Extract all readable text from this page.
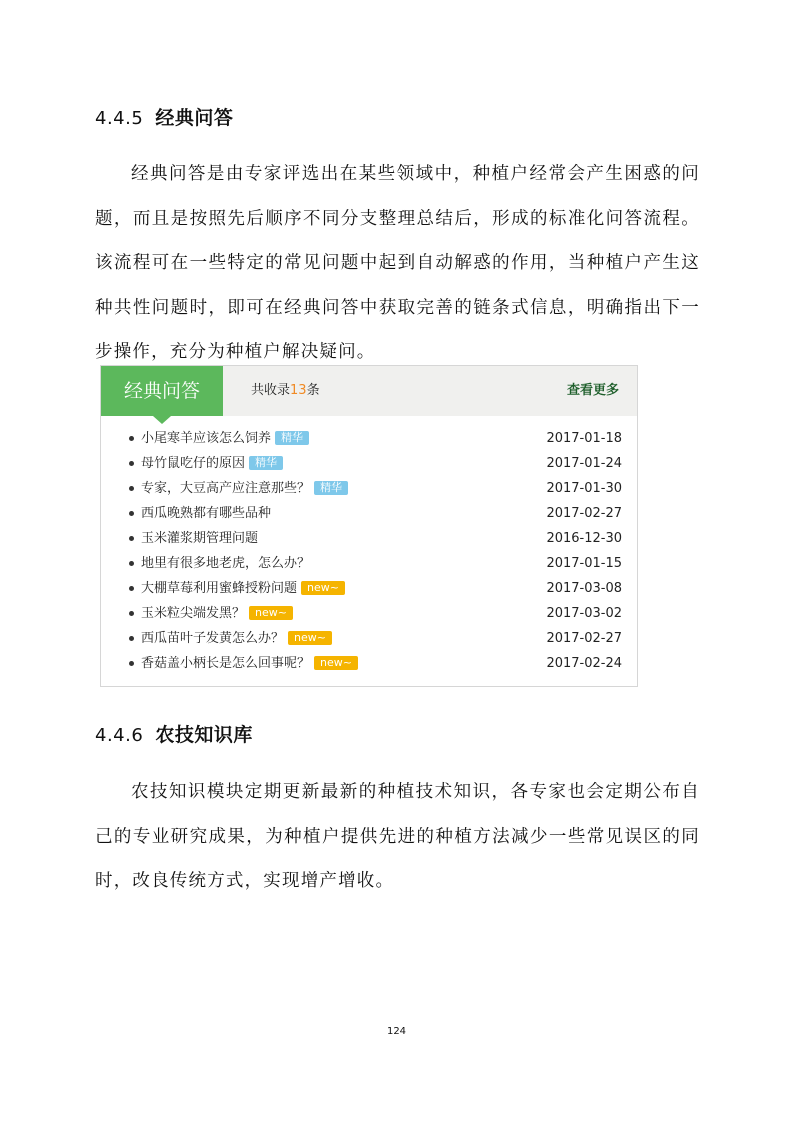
4.4.5 经典问答
经典问答是由专家评选出在某些领域中，种植户经常会产生困惑的问题，而且是按照先后顺序不同分支整理总结后，形成的标准化问答流程。该流程可在一些特定的常见问题中起到自动解惑的作用，当种植户产生这种共性问题时，即可在经典问答中获取完善的链条式信息，明确指出下一步操作，充分为种植户解决疑问。
经典问答	共收录13条	查看更多
小尾寒羊应该怎么饲养 精华	2017-01-18
母竹鼠吃仔的原因 精华	2017-01-24
专家，大豆高产应注意那些？ 精华	2017-01-30
西瓜晚熟都有哪些品种	2017-02-27
玉米灌浆期管理问题	2016-12-30
地里有很多地老虎，怎么办？	2017-01-15
大棚草莓利用蜜蜂授粉问题 new~	2017-03-08
玉米粒尖端发黑？ new~	2017-03-02
西瓜苗叶子发黄怎么办？ new~	2017-02-27
香菇盖小柄长是怎么回事呢？ new~	2017-02-24
4.4.6 农技知识库
农技知识模块定期更新最新的种植技术知识，各专家也会定期公布自己的专业研究成果，为种植户提供先进的种植方法减少一些常见误区的同时，改良传统方式，实现增产增收。
124
